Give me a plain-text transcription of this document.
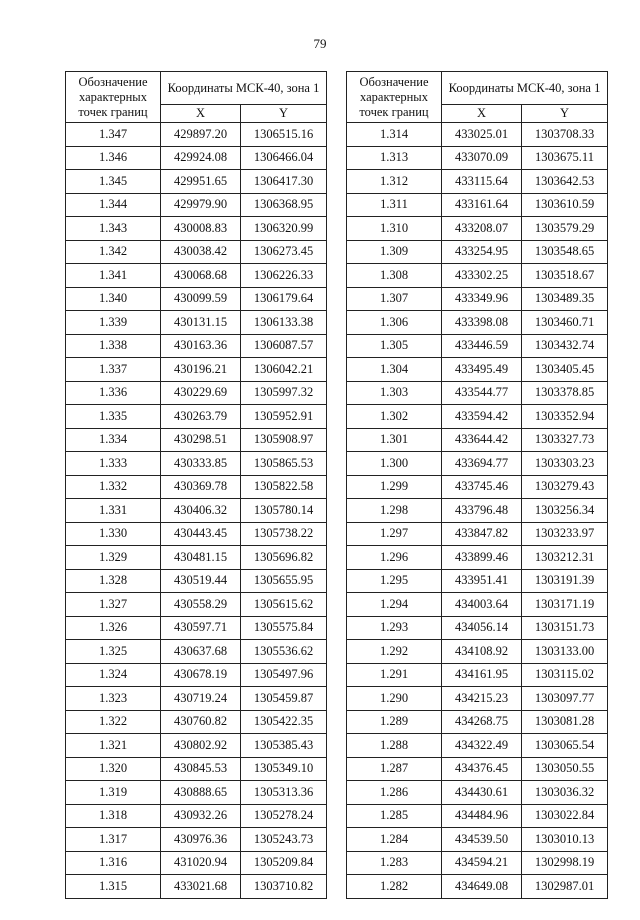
79
Обозначение характерных точек границ	Координаты МСК-40, зона 1	
	X	Y
1.347	429897.20	1306515.16
1.346	429924.08	1306466.04
1.345	429951.65	1306417.30
1.344	429979.90	1306368.95
1.343	430008.83	1306320.99
1.342	430038.42	1306273.45
1.341	430068.68	1306226.33
1.340	430099.59	1306179.64
1.339	430131.15	1306133.38
1.338	430163.36	1306087.57
1.337	430196.21	1306042.21
1.336	430229.69	1305997.32
1.335	430263.79	1305952.91
1.334	430298.51	1305908.97
1.333	430333.85	1305865.53
1.332	430369.78	1305822.58
1.331	430406.32	1305780.14
1.330	430443.45	1305738.22
1.329	430481.15	1305696.82
1.328	430519.44	1305655.95
1.327	430558.29	1305615.62
1.326	430597.71	1305575.84
1.325	430637.68	1305536.62
1.324	430678.19	1305497.96
1.323	430719.24	1305459.87
1.322	430760.82	1305422.35
1.321	430802.92	1305385.43
1.320	430845.53	1305349.10
1.319	430888.65	1305313.36
1.318	430932.26	1305278.24
1.317	430976.36	1305243.73
1.316	431020.94	1305209.84
1.315	433021.68	1303710.82
Обозначение характерных точек границ	Координаты МСК-40, зона 1	
	X	Y
1.314	433025.01	1303708.33
1.313	433070.09	1303675.11
1.312	433115.64	1303642.53
1.311	433161.64	1303610.59
1.310	433208.07	1303579.29
1.309	433254.95	1303548.65
1.308	433302.25	1303518.67
1.307	433349.96	1303489.35
1.306	433398.08	1303460.71
1.305	433446.59	1303432.74
1.304	433495.49	1303405.45
1.303	433544.77	1303378.85
1.302	433594.42	1303352.94
1.301	433644.42	1303327.73
1.300	433694.77	1303303.23
1.299	433745.46	1303279.43
1.298	433796.48	1303256.34
1.297	433847.82	1303233.97
1.296	433899.46	1303212.31
1.295	433951.41	1303191.39
1.294	434003.64	1303171.19
1.293	434056.14	1303151.73
1.292	434108.92	1303133.00
1.291	434161.95	1303115.02
1.290	434215.23	1303097.77
1.289	434268.75	1303081.28
1.288	434322.49	1303065.54
1.287	434376.45	1303050.55
1.286	434430.61	1303036.32
1.285	434484.96	1303022.84
1.284	434539.50	1303010.13
1.283	434594.21	1302998.19
1.282	434649.08	1302987.01
